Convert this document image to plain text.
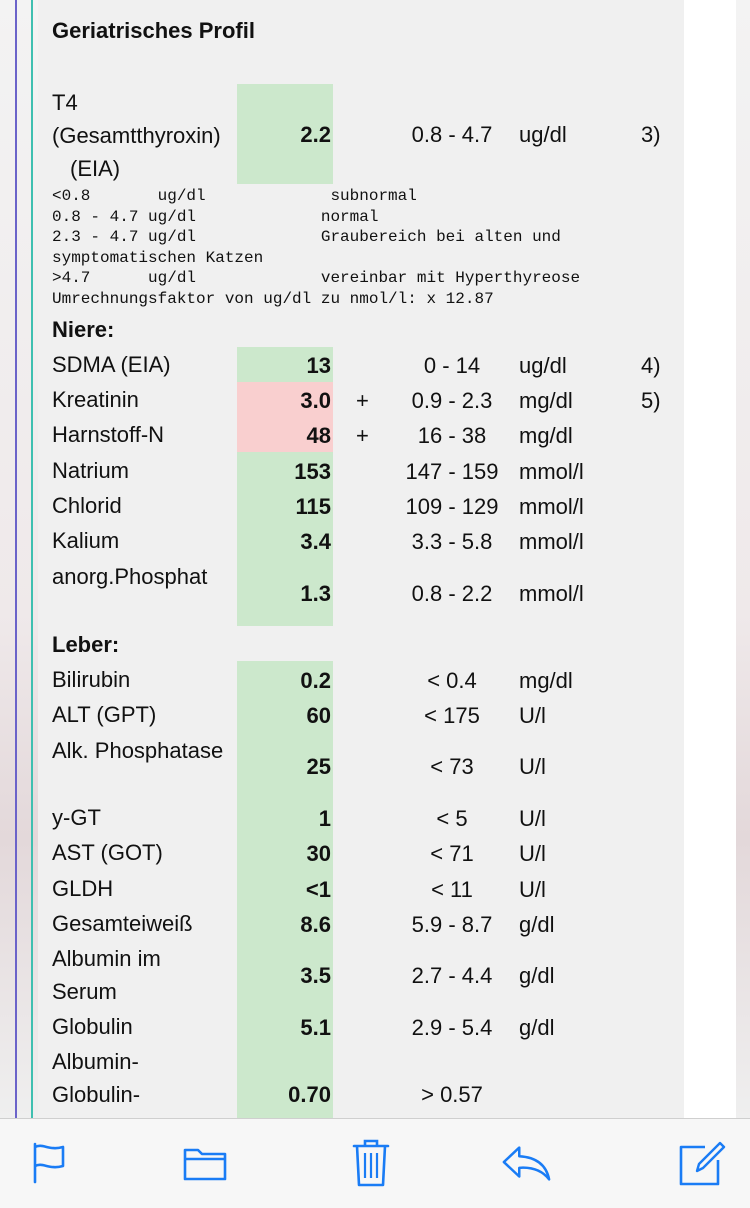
Geriatrisches Profil
T4
(Gesamtthyroxin)
(EIA)
2.2	0.8 - 4.7	ug/dl	3)
<0.8       ug/dl             subnormal
0.8 - 4.7 ug/dl             normal
2.3 - 4.7 ug/dl             Graubereich bei alten und
symptomatischen Katzen
>4.7      ug/dl             vereinbar mit Hyperthyreose
Umrechnungsfaktor von ug/dl zu nmol/l: x 12.87
Niere:
SDMA (EIA)	13	0 - 14	ug/dl	4)
Kreatinin	3.0 +	0.9 - 2.3	mg/dl	5)
Harnstoff-N	48 +	16 - 38	mg/dl
Natrium	153	147 - 159 mmol/l
Chlorid	115	109 - 129 mmol/l
Kalium	3.4	3.3 - 5.8	mmol/l
anorg.Phosphat
1.3	0.8 - 2.2	mmol/l
Leber:
Bilirubin	0.2	< 0.4	mg/dl
ALT (GPT)	60	< 175	U/l
Alk. Phosphatase
25	< 73	U/l
y-GT	1	< 5	U/l
AST (GOT)	30	< 71	U/l
GLDH	<1	< 11	U/l
Gesamteiweiß	8.6	5.9 - 8.7	g/dl
Albumin im
Serum
3.5	2.7 - 4.4	g/dl
Globulin	5.1	2.9 - 5.4	g/dl
Albumin-
Globulin-	0.70	> 0.57
